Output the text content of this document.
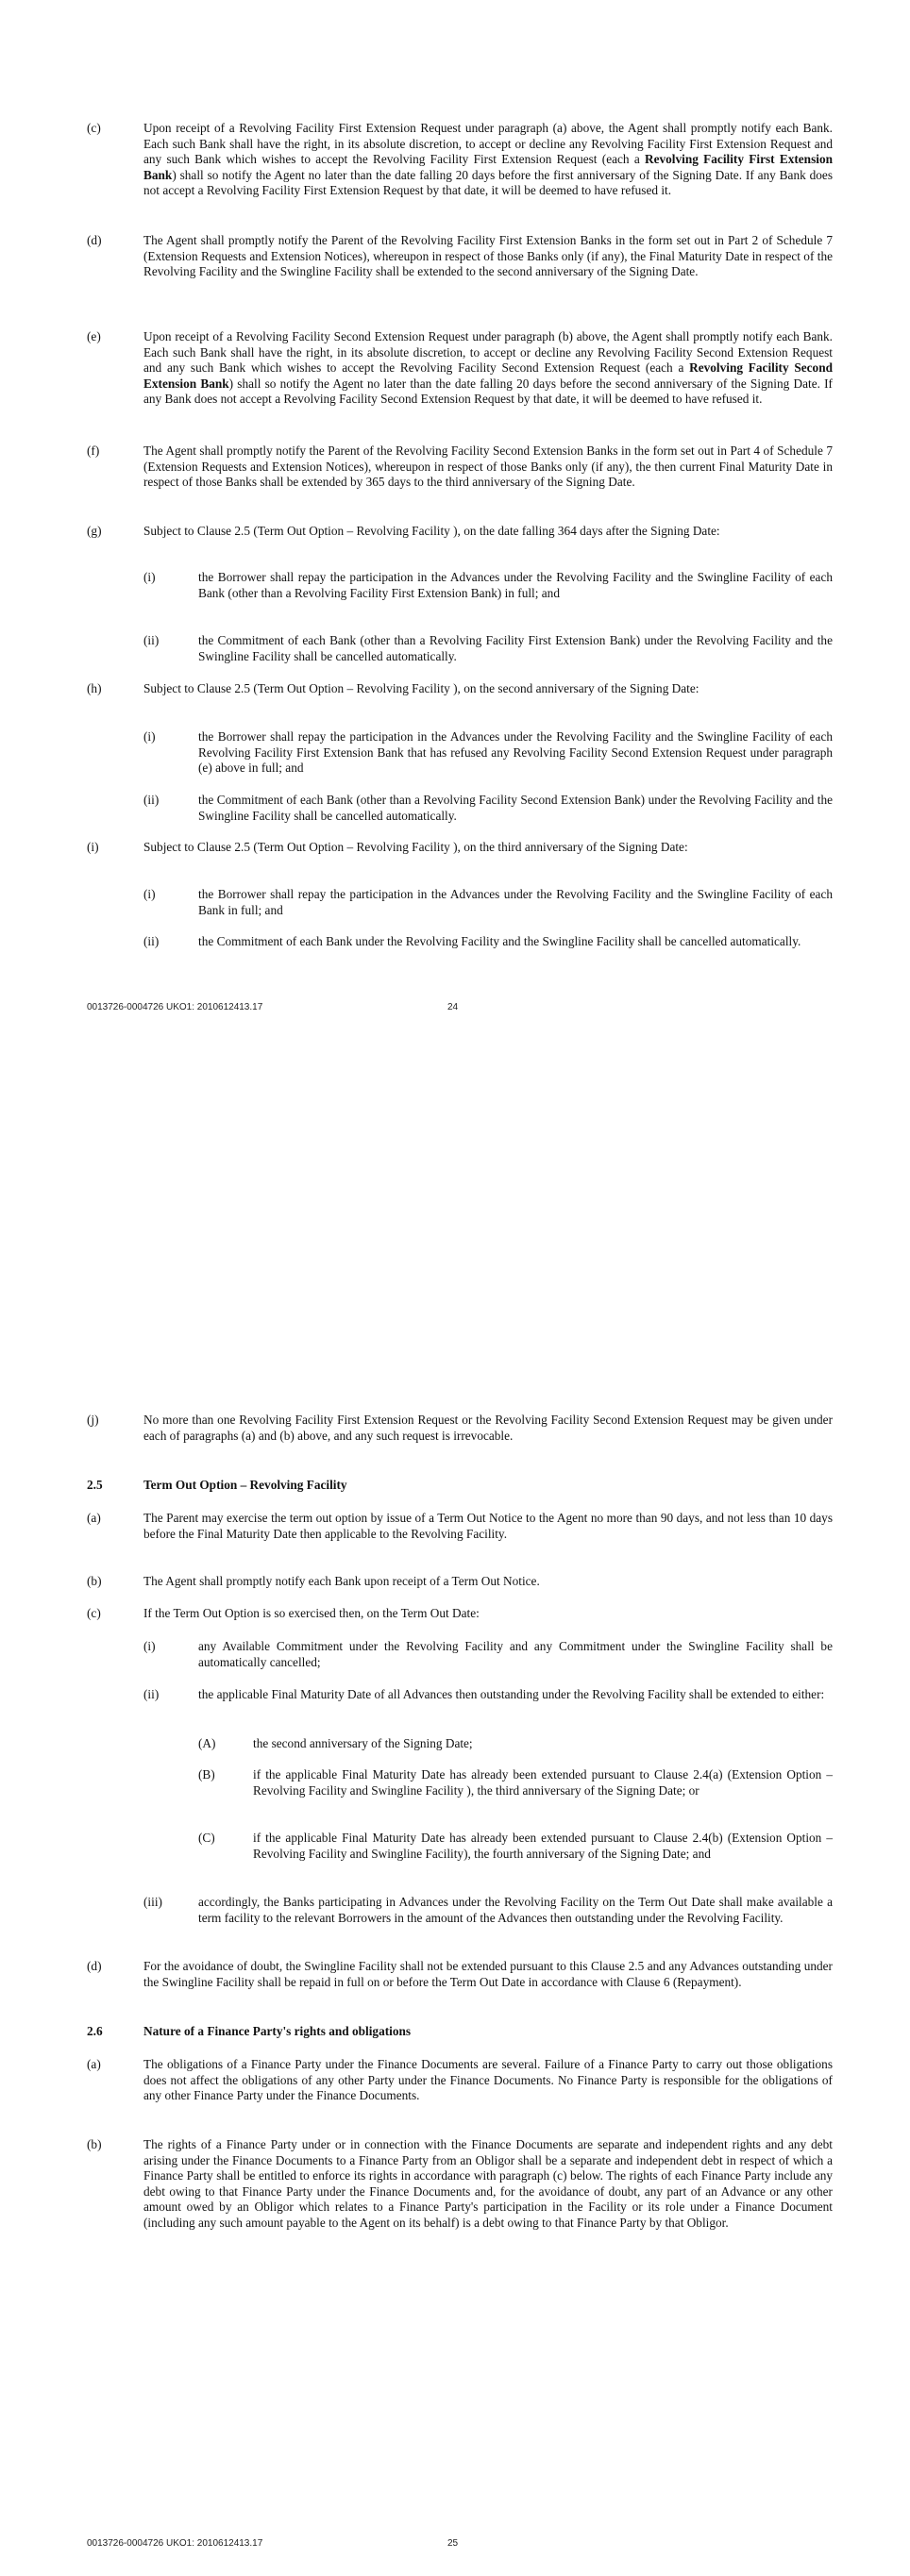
(c)	Upon receipt of a Revolving Facility First Extension Request under paragraph (a) above, the Agent shall promptly notify each Bank. Each such Bank shall have the right, in its absolute discretion, to accept or decline any Revolving Facility First Extension Request and any such Bank which wishes to accept the Revolving Facility First Extension Request (each a Revolving Facility First Extension Bank) shall so notify the Agent no later than the date falling 20 days before the first anniversary of the Signing Date. If any Bank does not accept a Revolving Facility First Extension Request by that date, it will be deemed to have refused it.
(d)	The Agent shall promptly notify the Parent of the Revolving Facility First Extension Banks in the form set out in Part 2 of Schedule 7 (Extension Requests and Extension Notices), whereupon in respect of those Banks only (if any), the Final Maturity Date in respect of the Revolving Facility and the Swingline Facility shall be extended to the second anniversary of the Signing Date.
(e)	Upon receipt of a Revolving Facility Second Extension Request under paragraph (b) above, the Agent shall promptly notify each Bank. Each such Bank shall have the right, in its absolute discretion, to accept or decline any Revolving Facility Second Extension Request and any such Bank which wishes to accept the Revolving Facility Second Extension Request (each a Revolving Facility Second Extension Bank) shall so notify the Agent no later than the date falling 20 days before the second anniversary of the Signing Date. If any Bank does not accept a Revolving Facility Second Extension Request by that date, it will be deemed to have refused it.
(f)	The Agent shall promptly notify the Parent of the Revolving Facility Second Extension Banks in the form set out in Part 4 of Schedule 7 (Extension Requests and Extension Notices), whereupon in respect of those Banks only (if any), the then current Final Maturity Date in respect of those Banks shall be extended by 365 days to the third anniversary of the Signing Date.
(g)	Subject to Clause 2.5 (Term Out Option – Revolving Facility ), on the date falling 364 days after the Signing Date:
(i)	the Borrower shall repay the participation in the Advances under the Revolving Facility and the Swingline Facility of each Bank (other than a Revolving Facility First Extension Bank) in full; and
(ii)	the Commitment of each Bank (other than a Revolving Facility First Extension Bank) under the Revolving Facility and the Swingline Facility shall be cancelled automatically.
(h)	Subject to Clause 2.5 (Term Out Option – Revolving Facility ), on the second anniversary of the Signing Date:
(i)	the Borrower shall repay the participation in the Advances under the Revolving Facility and the Swingline Facility of each Revolving Facility First Extension Bank that has refused any Revolving Facility Second Extension Request under paragraph (e) above in full; and
(ii)	the Commitment of each Bank (other than a Revolving Facility Second Extension Bank) under the Revolving Facility and the Swingline Facility shall be cancelled automatically.
(i)	Subject to Clause 2.5 (Term Out Option – Revolving Facility ), on the third anniversary of the Signing Date:
(i)	the Borrower shall repay the participation in the Advances under the Revolving Facility and the Swingline Facility of each Bank in full; and
(ii)	the Commitment of each Bank under the Revolving Facility and the Swingline Facility shall be cancelled automatically.
0013726-0004726 UKO1: 2010612413.17	24
(j)	No more than one Revolving Facility First Extension Request or the Revolving Facility Second Extension Request may be given under each of paragraphs (a) and (b) above, and any such request is irrevocable.
2.5	Term Out Option – Revolving Facility
(a)	The Parent may exercise the term out option by issue of a Term Out Notice to the Agent no more than 90 days, and not less than 10 days before the Final Maturity Date then applicable to the Revolving Facility.
(b)	The Agent shall promptly notify each Bank upon receipt of a Term Out Notice.
(c)	If the Term Out Option is so exercised then, on the Term Out Date:
(i)	any Available Commitment under the Revolving Facility and any Commitment under the Swingline Facility shall be automatically cancelled;
(ii)	the applicable Final Maturity Date of all Advances then outstanding under the Revolving Facility shall be extended to either:
(A)	the second anniversary of the Signing Date;
(B)	if the applicable Final Maturity Date has already been extended pursuant to Clause 2.4(a) (Extension Option – Revolving Facility and Swingline Facility ), the third anniversary of the Signing Date; or
(C)	if the applicable Final Maturity Date has already been extended pursuant to Clause 2.4(b) (Extension Option – Revolving Facility and Swingline Facility), the fourth anniversary of the Signing Date; and
(iii)	accordingly, the Banks participating in Advances under the Revolving Facility on the Term Out Date shall make available a term facility to the relevant Borrowers in the amount of the Advances then outstanding under the Revolving Facility.
(d)	For the avoidance of doubt, the Swingline Facility shall not be extended pursuant to this Clause 2.5 and any Advances outstanding under the Swingline Facility shall be repaid in full on or before the Term Out Date in accordance with Clause 6 (Repayment).
2.6	Nature of a Finance Party's rights and obligations
(a)	The obligations of a Finance Party under the Finance Documents are several. Failure of a Finance Party to carry out those obligations does not affect the obligations of any other Party under the Finance Documents. No Finance Party is responsible for the obligations of any other Finance Party under the Finance Documents.
(b)	The rights of a Finance Party under or in connection with the Finance Documents are separate and independent rights and any debt arising under the Finance Documents to a Finance Party from an Obligor shall be a separate and independent debt in respect of which a Finance Party shall be entitled to enforce its rights in accordance with paragraph (c) below. The rights of each Finance Party include any debt owing to that Finance Party under the Finance Documents and, for the avoidance of doubt, any part of an Advance or any other amount owed by an Obligor which relates to a Finance Party's participation in the Facility or its role under a Finance Document (including any such amount payable to the Agent on its behalf) is a debt owing to that Finance Party by that Obligor.
0013726-0004726 UKO1: 2010612413.17	25
